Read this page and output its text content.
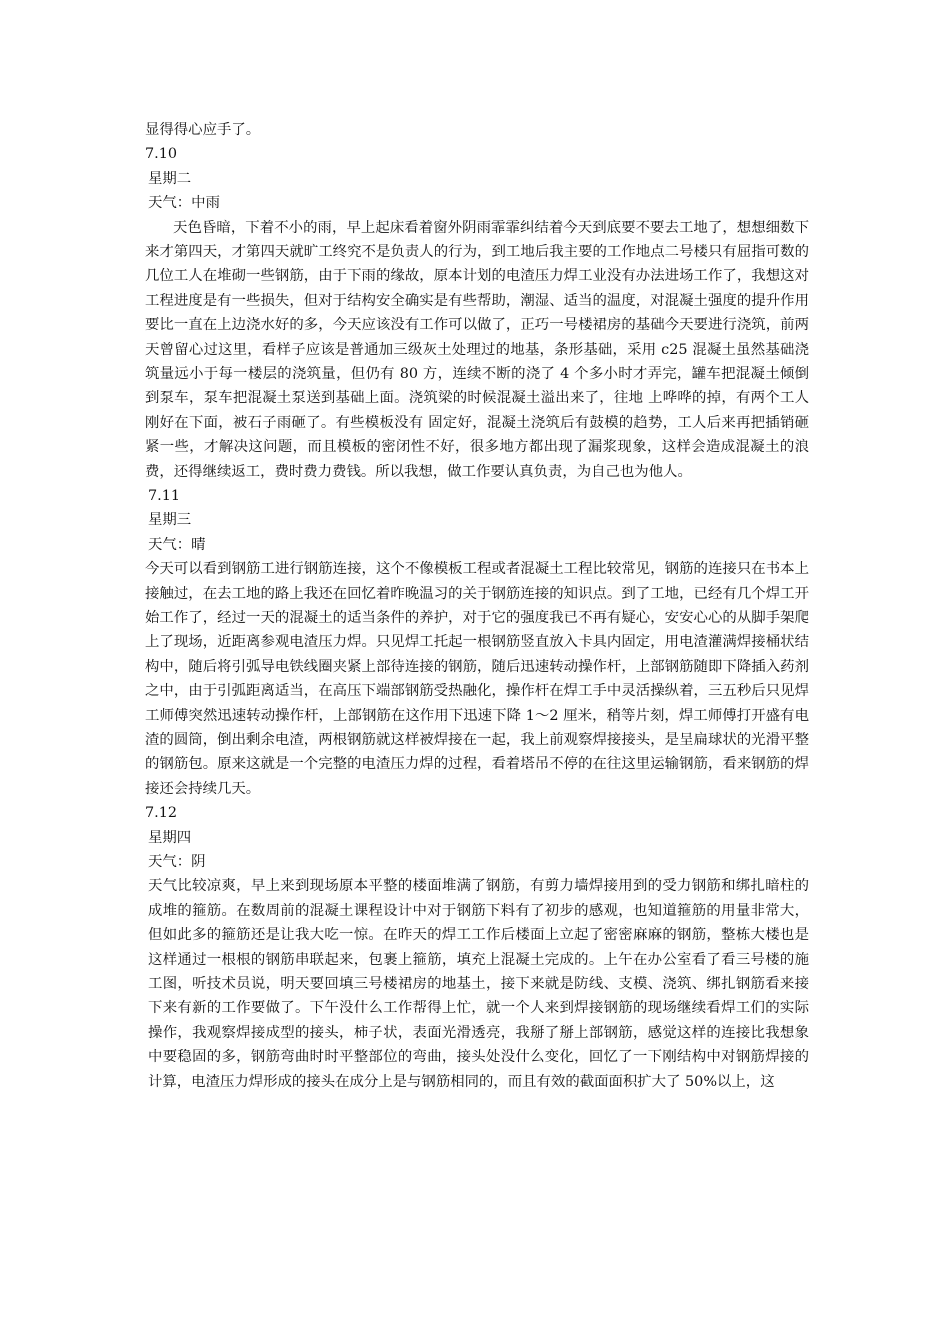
显得得心应手了。
7.10
星期二
天气：中雨
天色昏暗，下着不小的雨，早上起床看着窗外阴雨霏霏纠结着今天到底要不要去工地了，想想细数下来才第四天，才第四天就旷工终究不是负责人的行为，到工地后我主要的工作地点二号楼只有屈指可数的几位工人在堆砌一些钢筋，由于下雨的缘故，原本计划的电渣压力焊工业没有办法进场工作了，我想这对工程进度是有一些损失，但对于结构安全确实是有些帮助，潮湿、适当的温度，对混凝土强度的提升作用要比一直在上边浇水好的多，今天应该没有工作可以做了，正巧一号楼裙房的基础今天要进行浇筑，前两天曾留心过这里，看样子应该是普通加三级灰土处理过的地基，条形基础，采用 c25 混凝土虽然基础浇筑量远小于每一楼层的浇筑量，但仍有 80 方，连续不断的浇了 4 个多小时才弄完，罐车把混凝土倾倒到泵车，泵车把混凝土泵送到基础上面。浇筑梁的时候混凝土溢出来了，往地 上哗哗的掉，有两个工人刚好在下面，被石子雨砸了。有些模板没有 固定好，混凝土浇筑后有鼓模的趋势，工人后来再把插销砸紧一些，才解决这问题，而且模板的密闭性不好，很多地方都出现了漏浆现象，这样会造成混凝土的浪费，还得继续返工，费时费力费钱。所以我想，做工作要认真负责，为自己也为他人。
7.11
星期三
天气：晴
今天可以看到钢筋工进行钢筋连接，这个不像模板工程或者混凝土工程比较常见，钢筋的连接只在书本上接触过，在去工地的路上我还在回忆着昨晚温习的关于钢筋连接的知识点。到了工地，已经有几个焊工开始工作了，经过一天的混凝土的适当条件的养护，对于它的强度我已不再有疑心，安安心心的从脚手架爬上了现场，近距离参观电渣压力焊。只见焊工托起一根钢筋竖直放入卡具内固定，用电渣灌满焊接桶状结构中，随后将引弧导电铁线圈夹紧上部待连接的钢筋，随后迅速转动操作杆，上部钢筋随即下降插入药剂之中，由于引弧距离适当，在高压下端部钢筋受热融化，操作杆在焊工手中灵活操纵着，三五秒后只见焊工师傅突然迅速转动操作杆，上部钢筋在这作用下迅速下降 1～2 厘米，稍等片刻，焊工师傅打开盛有电渣的圆筒，倒出剩余电渣，两根钢筋就这样被焊接在一起，我上前观察焊接接头，是呈扁球状的光滑平整的钢筋包。原来这就是一个完整的电渣压力焊的过程，看着塔吊不停的在往这里运输钢筋，看来钢筋的焊接还会持续几天。
7.12
星期四
天气：阴
天气比较凉爽，早上来到现场原本平整的楼面堆满了钢筋，有剪力墙焊接用到的受力钢筋和绑扎暗柱的成堆的箍筋。在数周前的混凝土课程设计中对于钢筋下料有了初步的感观，也知道箍筋的用量非常大，但如此多的箍筋还是让我大吃一惊。在昨天的焊工工作后楼面上立起了密密麻麻的钢筋，整栋大楼也是这样通过一根根的钢筋串联起来，包裹上箍筋，填充上混凝土完成的。上午在办公室看了看三号楼的施工图，听技术员说，明天要回填三号楼裙房的地基土，接下来就是防线、支模、浇筑、绑扎钢筋看来接下来有新的工作要做了。下午没什么工作帮得上忙，就一个人来到焊接钢筋的现场继续看焊工们的实际操作，我观察焊接成型的接头，柿子状，表面光滑透亮，我掰了掰上部钢筋，感觉这样的连接比我想象中要稳固的多，钢筋弯曲时时平整部位的弯曲，接头处没什么变化，回忆了一下刚结构中对钢筋焊接的计算，电渣压力焊形成的接头在成分上是与钢筋相同的，而且有效的截面面积扩大了 50%以上，这
